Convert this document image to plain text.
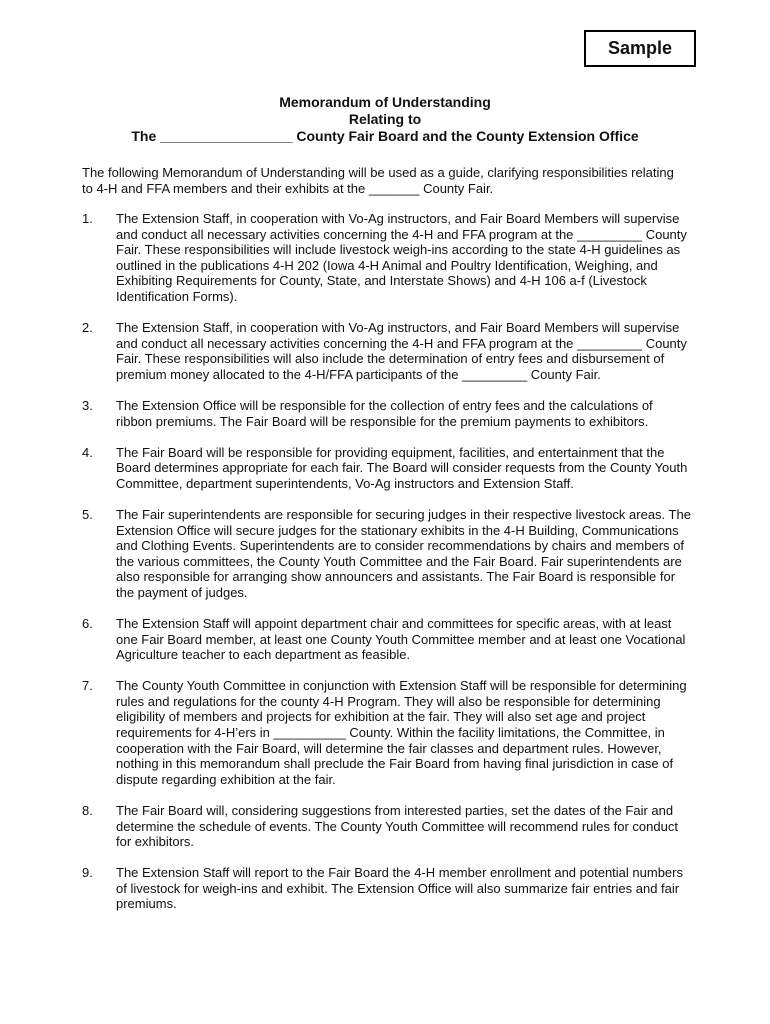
Sample
Memorandum of Understanding
Relating to
The _________________ County Fair Board and the County Extension Office

The following Memorandum of Understanding will be used as a guide, clarifying responsibilities relating to 4-H and FFA members and their exhibits at the _______ County Fair.

1.	The Extension Staff, in cooperation with Vo-Ag instructors, and Fair Board Members will supervise and conduct all necessary activities concerning the 4-H and FFA program at the _________ County Fair. These responsibilities will include livestock weigh-ins according to the state 4-H guidelines as outlined in the publications 4-H 202 (Iowa 4-H Animal and Poultry Identification, Weighing, and Exhibiting Requirements for County, State, and Interstate Shows) and 4-H 106 a-f (Livestock Identification Forms).
2.	The Extension Staff, in cooperation with Vo-Ag instructors, and Fair Board Members will supervise and conduct all necessary activities concerning the 4-H and FFA program at the _________ County Fair. These responsibilities will also include the determination of entry fees and disbursement of premium money allocated to the 4-H/FFA participants of the _________ County Fair.
3.	The Extension Office will be responsible for the collection of entry fees and the calculations of ribbon premiums. The Fair Board will be responsible for the premium payments to exhibitors.
4.	The Fair Board will be responsible for providing equipment, facilities, and entertainment that the Board determines appropriate for each fair. The Board will consider requests from the County Youth Committee, department superintendents, Vo-Ag instructors and Extension Staff.
5.	The Fair superintendents are responsible for securing judges in their respective livestock areas. The Extension Office will secure judges for the stationary exhibits in the 4-H Building, Communications and Clothing Events. Superintendents are to consider recommendations by chairs and members of the various committees, the County Youth Committee and the Fair Board. Fair superintendents are also responsible for arranging show announcers and assistants. The Fair Board is responsible for the payment of judges.
6.	The Extension Staff will appoint department chair and committees for specific areas, with at least one Fair Board member, at least one County Youth Committee member and at least one Vocational Agriculture teacher to each department as feasible.
7.	The County Youth Committee in conjunction with Extension Staff will be responsible for determining rules and regulations for the county 4-H Program. They will also be responsible for determining eligibility of members and projects for exhibition at the fair. They will also set age and project requirements for 4-H’ers in __________ County. Within the facility limitations, the Committee, in cooperation with the Fair Board, will determine the fair classes and department rules. However, nothing in this memorandum shall preclude the Fair Board from having final jurisdiction in case of dispute regarding exhibition at the fair.
8.	The Fair Board will, considering suggestions from interested parties, set the dates of the Fair and determine the schedule of events. The County Youth Committee will recommend rules for conduct for exhibitors.
9.	The Extension Staff will report to the Fair Board the 4-H member enrollment and potential numbers of livestock for weigh-ins and exhibit. The Extension Office will also summarize fair entries and fair premiums.
